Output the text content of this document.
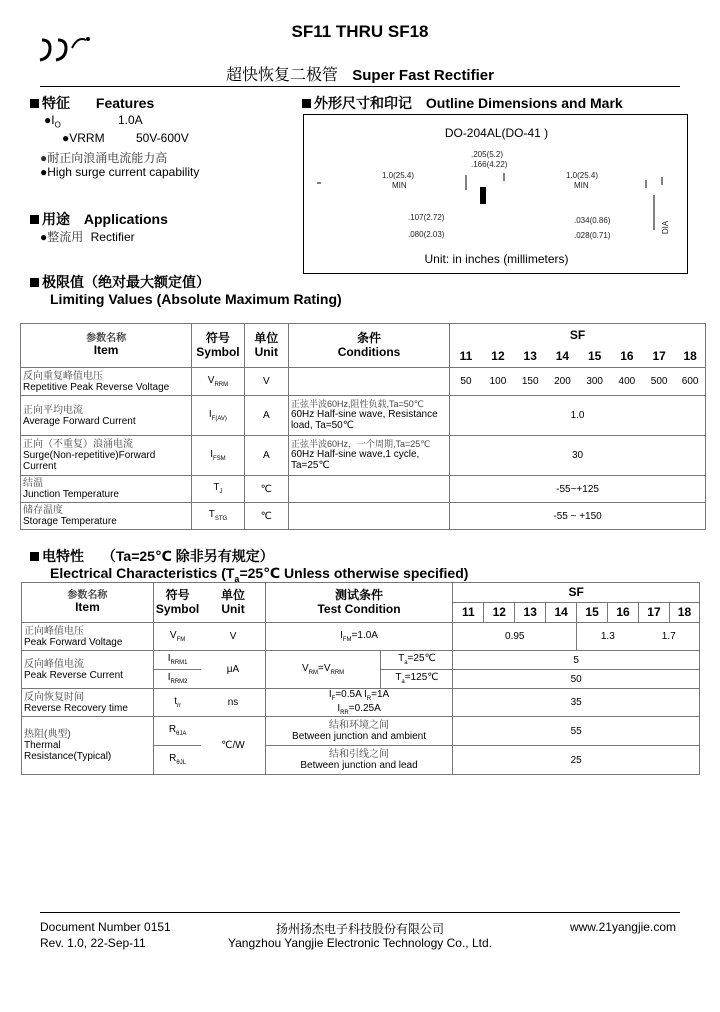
SF11 THRU SF18
超快恢复二极管 Super Fast Rectifier
特征 Features
$●I_O$	1.0A
●VRRM	50V-600V
●耐正向浪涌电流能力高
●High surge current capability
用途 Applications
●整流用 Rectifier
外形尺寸和印记 Outline Dimensions and Mark
DO-204AL(DO-41 )
.205(5.2)
.166(4.22)
1.0(25.4)
MIN
1.0(25.4)
MIN
.107(2.72)
.080(2.03)
.034(0.86)
.028(0.71)
DIA
Unit: in inches (millimeters)
极限值（绝对最大额定值）
Limiting Values (Absolute Maximum Rating)
参数名称
Item	符号
Symbol	单位
Unit	条件
Conditions	SF							
				11	12	13	14	15	16	17	18

反向重复峰值电压
Repetitive Peak Reverse Voltage	$V_{RRM}$	V		50	100	150	200	300	400	500	600

正向平均电流
Average Forward Current	$I_{F(AV)}$	A	正弦半波60Hz,阻性负载,Ta=50℃
60Hz Half-sine wave, Resistance
load, Ta=50℃	1.0							

正向（不重复）浪涌电流
Surge(Non-repetitive)Forward
Current	$I_{FSM}$	A	正弦半波60Hz，一个周期,Ta=25℃
60Hz Half-sine wave,1 cycle,
Ta=25℃	30							

结温
Junction Temperature	$T_J$	℃		-55~+125							

储存温度
Storage Temperature	$T_{STG}$	℃		-55 ~ +150							
电特性 （Ta=25℃ 除非另有规定）
Electrical Characteristics ($T_a=25℃$ Unless otherwise specified)
参数名称
Item	符号
Symbol	单位
Unit	测试条件
Test Condition		SF							
					11	12	13	14	15	16	17	18

正向峰值电压
Peak Forward Voltage	$V_{FM}$	V	$I_{FM}=1.0A$		0.95				1.3		1.7	

反向峰值电流
Peak Reverse Current	$I_{RRM1}$	μA	$V_{RM}=V_{RRM}$	$T_a=25℃$	5							
	$I_{RRM2}$			$T_a=125℃$	50							

反向恢复时间
Reverse Recovery time	$t_{rr}$	ns	$I_F=0.5A$ $I_R=1A$
$I_{RR}=0.25A$		35							

热阻(典型)
Thermal
Resistance(Typical)	$R_{\theta JA}$	℃/W	结和环境之间
Between junction and ambient		55							
	$R_{\theta JL}$		结和引线之间
Between junction and lead		25							
Document Number 0151
Rev. 1.0, 22-Sep-11
扬州扬杰电子科技股份有限公司
Yangzhou Yangjie Electronic Technology Co., Ltd.
www.21yangjie.com
